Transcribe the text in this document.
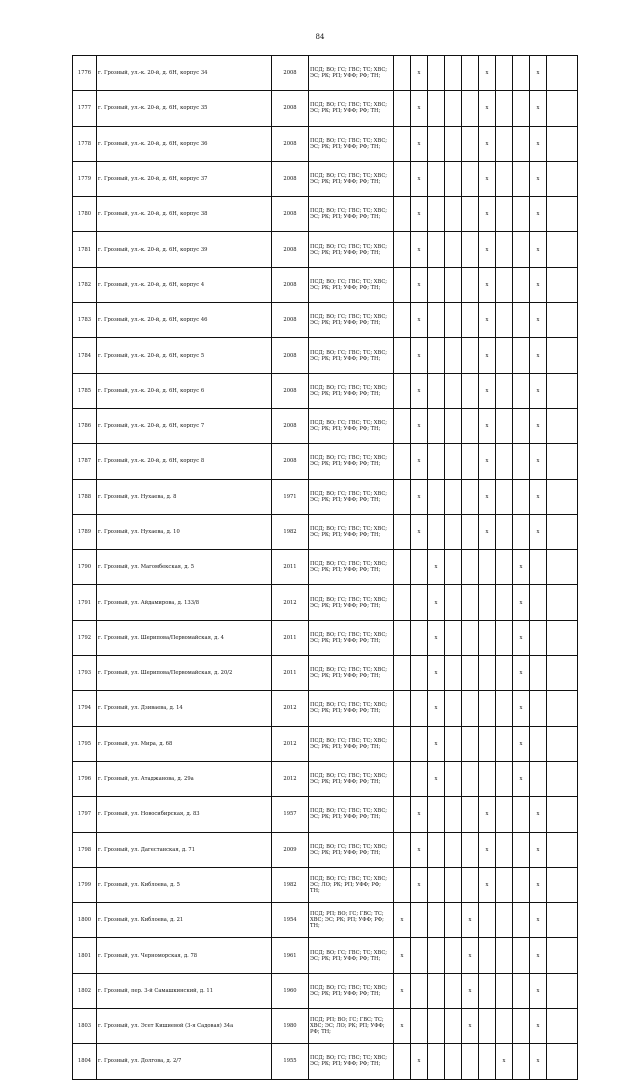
84
1776	г. Грозный, ул.-к. 20-й, д. 6Н, корпус 34	2008	ПСД; ВО; ГС; ГВС; ТС; ХВС; ЭС; РК; РП; УФФ; РФ; ТН;		x				x			x	
1777	г. Грозный, ул.-к. 20-й, д. 6Н, корпус 35	2008	ПСД; ВО; ГС; ГВС; ТС; ХВС; ЭС; РК; РП; УФФ; РФ; ТН;		x				x			x	
1778	г. Грозный, ул.-к. 20-й, д. 6Н, корпус 36	2008	ПСД; ВО; ГС; ГВС; ТС; ХВС; ЭС; РК; РП; УФФ; РФ; ТН;		x				x			x	
1779	г. Грозный, ул.-к. 20-й, д. 6Н, корпус 37	2008	ПСД; ВО; ГС; ГВС; ТС; ХВС; ЭС; РК; РП; УФФ; РФ; ТН;		x				x			x	
1780	г. Грозный, ул.-к. 20-й, д. 6Н, корпус 38	2008	ПСД; ВО; ГС; ГВС; ТС; ХВС; ЭС; РК; РП; УФФ; РФ; ТН;		x				x			x	
1781	г. Грозный, ул.-к. 20-й, д. 6Н, корпус 39	2008	ПСД; ВО; ГС; ГВС; ТС; ХВС; ЭС; РК; РП; УФФ; РФ; ТН;		x				x			x	
1782	г. Грозный, ул.-к. 20-й, д. 6Н, корпус 4	2008	ПСД; ВО; ГС; ГВС; ТС; ХВС; ЭС; РК; РП; УФФ; РФ; ТН;		x				x			x	
1783	г. Грозный, ул.-к. 20-й, д. 6Н, корпус 46	2008	ПСД; ВО; ГС; ГВС; ТС; ХВС; ЭС; РК; РП; УФФ; РФ; ТН;		x				x			x	
1784	г. Грозный, ул.-к. 20-й, д. 6Н, корпус 5	2008	ПСД; ВО; ГС; ГВС; ТС; ХВС; ЭС; РК; РП; УФФ; РФ; ТН;		x				x			x	
1785	г. Грозный, ул.-к. 20-й, д. 6Н, корпус 6	2008	ПСД; ВО; ГС; ГВС; ТС; ХВС; ЭС; РК; РП; УФФ; РФ; ТН;		x				x			x	
1786	г. Грозный, ул.-к. 20-й, д. 6Н, корпус 7	2008	ПСД; ВО; ГС; ГВС; ТС; ХВС; ЭС; РК; РП; УФФ; РФ; ТН;		x				x			x	
1787	г. Грозный, ул.-к. 20-й, д. 6Н, корпус 8	2008	ПСД; ВО; ГС; ГВС; ТС; ХВС; ЭС; РК; РП; УФФ; РФ; ТН;		x				x			x	
1788	г. Грозный, ул. Нухаева, д. 8	1971	ПСД; ВО; ГС; ГВС; ТС; ХВС; ЭС; РК; РП; УФФ; РФ; ТН;		x				x			x	
1789	г. Грозный, ул. Нухаева, д. 10	1982	ПСД; ВО; ГС; ГВС; ТС; ХВС; ЭС; РК; РП; УФФ; РФ; ТН;		x				x			x	
1790	г. Грозный, ул. Магомбекская, д. 5	2011	ПСД; ВО; ГС; ГВС; ТС; ХВС; ЭС; РК; РП; УФФ; РФ; ТН;			x					x		
1791	г. Грозный, ул. Айдамирова, д. 133/8	2012	ПСД; ВО; ГС; ГВС; ТС; ХВС; ЭС; РК; РП; УФФ; РФ; ТН;			x					x		
1792	г. Грозный, ул. Шерипова/Первомайская, д. 4	2011	ПСД; ВО; ГС; ГВС; ТС; ХВС; ЭС; РК; РП; УФФ; РФ; ТН;			x					x		
1793	г. Грозный, ул. Шерипова/Первомайская, д. 20/2	2011	ПСД; ВО; ГС; ГВС; ТС; ХВС; ЭС; РК; РП; УФФ; РФ; ТН;			x					x		
1794	г. Грозный, ул. Дзиваева, д. 14	2012	ПСД; ВО; ГС; ГВС; ТС; ХВС; ЭС; РК; РП; УФФ; РФ; ТН;			x					x		
1795	г. Грозный, ул. Мира, д. 68	2012	ПСД; ВО; ГС; ГВС; ТС; ХВС; ЭС; РК; РП; УФФ; РФ; ТН;			x					x		
1796	г. Грозный, ул. Атаджанова, д. 29а	2012	ПСД; ВО; ГС; ГВС; ТС; ХВС; ЭС; РК; РП; УФФ; РФ; ТН;			x					x		
1797	г. Грозный, ул. Новосибирская, д. 83	1957	ПСД; ВО; ГС; ГВС; ТС; ХВС; ЭС; РК; РП; УФФ; РФ; ТН;		x				x			x	
1798	г. Грозный, ул. Дагестанская, д. 71	2009	ПСД; ВО; ГС; ГВС; ТС; ХВС; ЭС; РК; РП; УФФ; РФ; ТН;		x				x			x	
1799	г. Грозный, ул. Киблоева, д. 5	1982	ПСД; ВО; ГС; ГВС; ТС; ХВС; ЭС; ЛО; РК; РП; УФФ; РФ; ТН;		x				x			x	
1800	г. Грозный, ул. Киблоева, д. 21	1954	ПСД; РП; ВО; ГС; ГВС; ТС; ХВС; ЭС; РК; РП; УФФ; РФ; ТН;	x				x				x	
1801	г. Грозный, ул. Черноморская, д. 78	1961	ПСД; ВО; ГС; ГВС; ТС; ХВС; ЭС; РК; РП; УФФ; РФ; ТН;	x				x				x	
1802	г. Грозный, пер. 3-й Самашкинский, д. 11	1960	ПСД; ВО; ГС; ГВС; ТС; ХВС; ЭС; РК; РП; УФФ; РФ; ТН;	x				x				x	
1803	г. Грозный, ул. Эсет Кишиевой (3-я Садовая) 34а	1980	ПСД; РП; ВО; ГС; ГВС; ТС; ХВС; ЭС; ЛО; РК; РП; УФФ; РФ; ТН;	x				x				x	
1804	г. Грозный, ул. Долгова, д. 2/7	1955	ПСД; ВО; ГС; ГВС; ТС; ХВС; ЭС; РК; РП; УФФ; РФ; ТН;		x					x		x	
